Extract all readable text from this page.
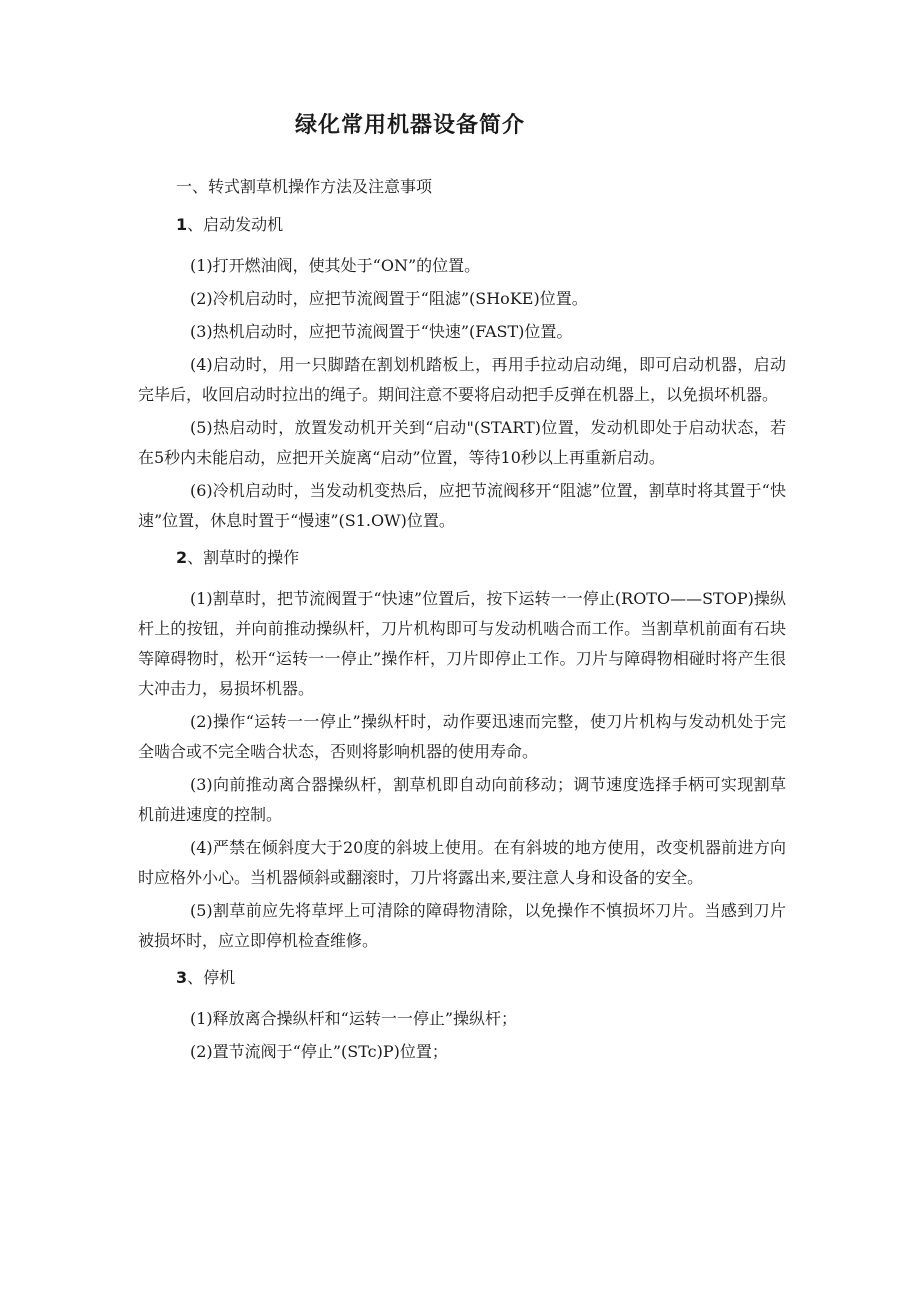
绿化常用机器设备简介

一、转式割草机操作方法及注意事项

1、启动发动机

(1)打开燃油阀，使其处于“ON”的位置。

(2)冷机启动时，应把节流阀置于“阻滤”(SHoKE)位置。

(3)热机启动时，应把节流阀置于“快速”(FAST)位置。

(4)启动时，用一只脚踏在割划机踏板上，再用手拉动启动绳，即可启动机器，启动完毕后，收回启动时拉出的绳子。期间注意不要将启动把手反弹在机器上，以免损坏机器。

(5)热启动时，放置发动机开关到“启动"(START)位置，发动机即处于启动状态，若在5秒内未能启动，应把开关旋离“启动”位置，等待10秒以上再重新启动。

(6)冷机启动时，当发动机变热后，应把节流阀移开“阻滤”位置，割草时将其置于“快速”位置，休息时置于“慢速”(S1.OW)位置。

2、割草时的操作

(1)割草时，把节流阀置于“快速”位置后，按下运转一一停止(ROTO——STOP)操纵杆上的按钮，并向前推动操纵杆，刀片机构即可与发动机啮合而工作。当割草机前面有石块等障碍物时，松开“运转一一停止”操作杆，刀片即停止工作。刀片与障碍物相碰时将产生很大冲击力，易损坏机器。

(2)操作“运转一一停止”操纵杆时，动作要迅速而完整，使刀片机构与发动机处于完全啮合或不完全啮合状态，否则将影响机器的使用寿命。

(3)向前推动离合器操纵杆，割草机即自动向前移动；调节速度选择手柄可实现割草机前进速度的控制。

(4)严禁在倾斜度大于20度的斜坡上使用。在有斜坡的地方使用，改变机器前进方向时应格外小心。当机器倾斜或翻滚时，刀片将露出来,要注意人身和设备的安全。

(5)割草前应先将草坪上可清除的障碍物清除，以免操作不慎损坏刀片。当感到刀片被损坏时，应立即停机检查维修。

3、停机

(1)释放离合操纵杆和“运转一一停止”操纵杆；

(2)置节流阀于“停止”(STc)P)位置；
